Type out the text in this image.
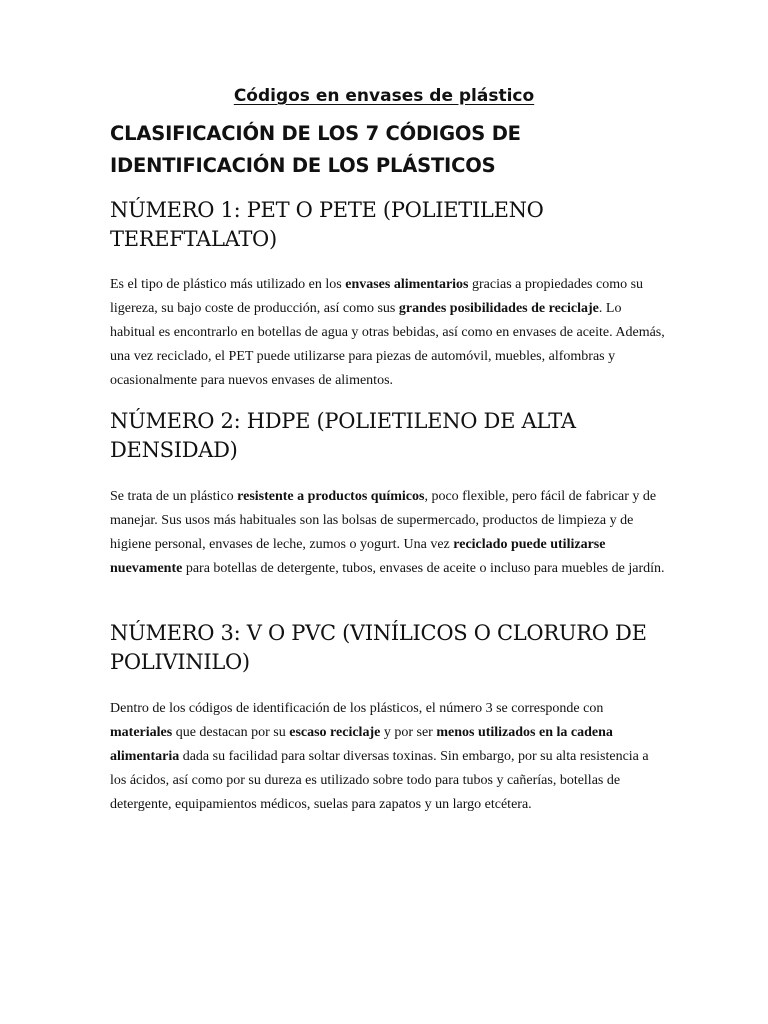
Códigos en envases de plástico
CLASIFICACIÓN DE LOS 7 CÓDIGOS DE IDENTIFICACIÓN DE LOS PLÁSTICOS
NÚMERO 1: PET O PETE (POLIETILENO TEREFTALATO)

Es el tipo de plástico más utilizado en los envases alimentarios gracias a propiedades como su ligereza, su bajo coste de producción, así como sus grandes posibilidades de reciclaje. Lo habitual es encontrarlo en botellas de agua y otras bebidas, así como en envases de aceite. Además, una vez reciclado, el PET puede utilizarse para piezas de automóvil, muebles, alfombras y ocasionalmente para nuevos envases de alimentos.

NÚMERO 2: HDPE (POLIETILENO DE ALTA DENSIDAD)

Se trata de un plástico resistente a productos químicos, poco flexible, pero fácil de fabricar y de manejar. Sus usos más habituales son las bolsas de supermercado, productos de limpieza y de higiene personal, envases de leche, zumos o yogurt. Una vez reciclado puede utilizarse nuevamente para botellas de detergente, tubos, envases de aceite o incluso para muebles de jardín.

NÚMERO 3: V O PVC (VINÍLICOS O CLORURO DE POLIVINILO)

Dentro de los códigos de identificación de los plásticos, el número 3 se corresponde con materiales que destacan por su escaso reciclaje y por ser menos utilizados en la cadena alimentaria dada su facilidad para soltar diversas toxinas. Sin embargo, por su alta resistencia a los ácidos, así como por su dureza es utilizado sobre todo para tubos y cañerías, botellas de detergente, equipamientos médicos, suelas para zapatos y un largo etcétera.
